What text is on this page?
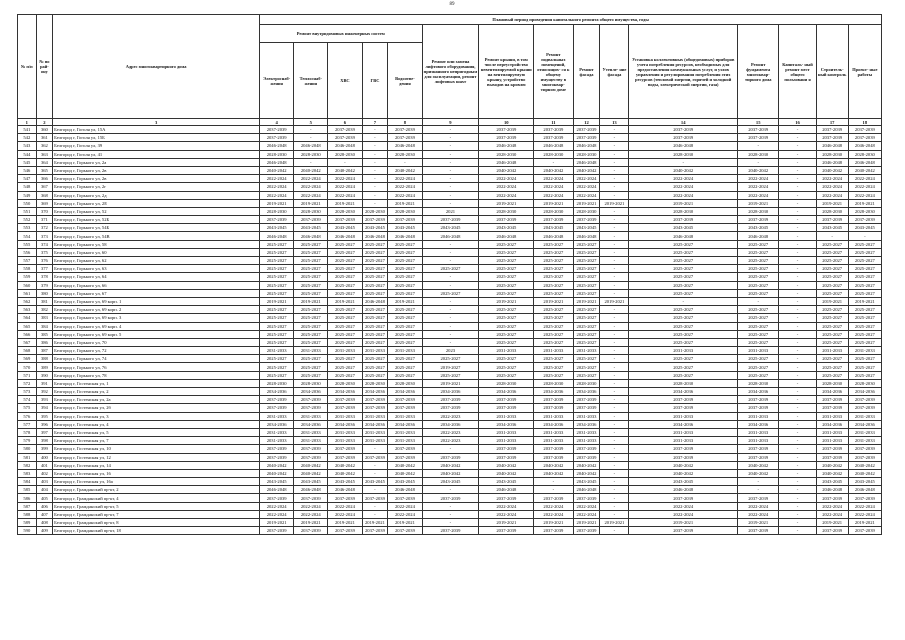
89
№ п/п	№ по рай- ону	Адрес многоквартирного дома	Плановый период проведения капитального ремонта общего имущества, годы														
			Ремонт внутридомовых инженерных систем					Ремонт или замена лифтового оборудования, признанного непригодным для эксплуатации, ремонт лифтовых шахт	Ремонт крыши, в том числе переустройство невентилируемой крыши на вентилируемую крышу, устройство выходов на кровлю	Ремонт подвальных помещений, относящих- ся к общему имуществу в многоквар- тирном доме	Ремонт фасада	Утепле- ние фасада	Установка коллективных (общедомовых) приборов учета потребления ресурсов, необходимых для предоставления коммунальных услуг, и узлов управления и регулирования потребления этих ресурсов (тепловой энергии, горячей и холодной воды, электрической энергии, газа)	Ремонт фундамента многоквар- тирного дома	Капиталь- ный ремонт мест общего пользовани я	Строитель- ный контроль	Проект- ные работы
			Электроснаб- жения	Теплоснаб- жения	ХВС	ГВС	Водоотве- дения										
1	2	3	4	5	6	7	8	9	10	11	12	13	14	15	16	17	18
541	360	Белгород г, Гоголя ул, 15А	2037-2039	-	2037-2039	-	2037-2039	-	2037-2039	2037-2039	2037-2039	-	2037-2039	2037-2039	-	2037-2039	2037-2039
542	361	Белгород г, Гоголя ул, 15Б	2037-2039	-	2037-2039	-	2037-2039	-	2037-2039	2037-2039	2037-2039	-	2037-2039	2037-2039	-	2037-2039	2037-2039
543	362	Белгород г, Гоголя ул, 39	2046-2048	2046-2048	2046-2048	-	2046-2048	-	2046-2048	2046-2048	2046-2048	-	2046-2048	-	-	2046-2048	2046-2048
544	363	Белгород г, Гоголя ул, 41	2028-2030	2028-2030	2028-2030	-	2028-2030	-	2028-2030	2028-2030	2028-2030	-	2028-2030	2028-2030	-	2028-2030	2028-2030
545	364	Белгород г, Горького ул, 2а	2046-2048	-	-	-	-	-	2046-2048	-	2046-2048	-	-	-	-	2046-2048	2046-2048
546	365	Белгород г, Горького ул, 2в	2040-2042	2040-2042	2040-2042	-	2040-2042	-	2040-2042	2040-2042	2040-2042	-	2040-2042	2040-2042	-	2040-2042	2040-2042
547	366	Белгород г, Горького ул, 2в	2022-2024	2022-2024	2022-2024	-	2022-2024	-	2022-2024	2022-2024	2022-2024	-	2022-2024	2022-2024	-	2022-2024	2022-2024
548	367	Белгород г, Горького ул, 2г	2022-2024	2022-2024	2022-2024	-	2022-2024	-	2022-2024	2022-2024	2022-2024	-	2022-2024	2022-2024	-	2022-2024	2022-2024
549	368	Белгород г, Горького ул, 2д	2022-2024	2022-2024	2022-2024	-	2022-2024	-	2022-2024	2022-2024	2022-2024	-	2022-2024	2022-2024	-	2022-2024	2022-2024
550	369	Белгород г, Горького ул, 2Е	2019-2021	2019-2021	2019-2021	-	2019-2021	-	2019-2021	2019-2021	2019-2021	2019-2021	2019-2021	2019-2021	-	2019-2021	2019-2021
551	370	Белгород г, Горького ул, 52	2028-2030	2028-2030	2028-2030	2028-2030	2028-2030	2021	2028-2030	2028-2030	2028-2030	-	2028-2030	2028-2030	-	2028-2030	2028-2030
552	371	Белгород г, Горького ул, 52Б	2037-2039	2037-2039	2037-2039	2037-2039	2037-2039	2037-2039	2037-2039	2037-2039	2037-2039	-	2037-2039	2037-2039	-	2037-2039	2037-2039
553	372	Белгород г, Горького ул, 54Б	2043-2045	2043-2045	2043-2045	2043-2045	2043-2045	2043-2045	2043-2045	2043-2045	2043-2045	-	2043-2045	2043-2045	-	2043-2045	2043-2045
554	373	Белгород г, Горького ул, 54В	2046-2048	2046-2048	2046-2048	2046-2048	2046-2048	2046-2048	2046-2048	2046-2048	2046-2048	-	2046-2048	2046-2048	-	-	-
555	374	Белгород г, Горького ул, 58	2025-2027	2025-2027	2025-2027	2025-2027	2025-2027	-	2025-2027	2025-2027	2025-2027	-	2025-2027	2025-2027	-	2025-2027	2025-2027
556	375	Белгород г, Горького ул, 60	2025-2027	2025-2027	2025-2027	2025-2027	2025-2027	-	2025-2027	2025-2027	2025-2027	-	2025-2027	2025-2027	-	2025-2027	2025-2027
557	376	Белгород г, Горького ул, 62	2025-2027	2025-2027	2025-2027	2025-2027	2025-2027	-	2025-2027	2025-2027	2025-2027	-	2025-2027	2025-2027	-	2025-2027	2025-2027
558	377	Белгород г, Горького ул, 63	2025-2027	2025-2027	2025-2027	2025-2027	2025-2027	2025-2027	2025-2027	2025-2027	2025-2027	-	2025-2027	2025-2027	-	2025-2027	2025-2027
559	378	Белгород г, Горького ул, 64	2025-2027	2025-2027	2025-2027	2025-2027	2025-2027	-	2025-2027	2025-2027	2025-2027	-	2025-2027	2025-2027	-	2025-2027	2025-2027
560	379	Белгород г, Горького ул, 66	2025-2027	2025-2027	2025-2027	2025-2027	2025-2027	-	2025-2027	2025-2027	2025-2027	-	2025-2027	2025-2027	-	2025-2027	2025-2027
561	380	Белгород г, Горького ул, 67	2025-2027	2025-2027	2025-2027	2025-2027	2025-2027	2025-2027	2025-2027	2025-2027	2025-2027	-	2025-2027	2025-2027	-	2025-2027	2025-2027
562	381	Белгород г, Горького ул, 69 корп. 1	2019-2021	2019-2021	2019-2021	2046-2048	2019-2021	-	2019-2021	2019-2021	2019-2021	2019-2021	-	-	-	2019-2021	2019-2021
563	382	Белгород г, Горького ул, 69 корп. 2	2025-2027	2025-2027	2025-2027	2025-2027	2025-2027	-	2025-2027	2025-2027	2025-2027	-	2025-2027	2025-2027	-	2025-2027	2025-2027
564	383	Белгород г, Горького ул, 69 корп. 3	2025-2027	2025-2027	2025-2027	2025-2027	2025-2027	-	2025-2027	2025-2027	2025-2027	-	2025-2027	2025-2027	-	2025-2027	2025-2027
565	384	Белгород г, Горького ул, 69 корп. 4	2025-2027	2025-2027	2025-2027	2025-2027	2025-2027	-	2025-2027	2025-2027	2025-2027	-	2025-2027	2025-2027	-	2025-2027	2025-2027
566	385	Белгород г, Горького ул, 69 корп. 5	2025-2027	2025-2027	2025-2027	2025-2027	2025-2027	-	2025-2027	2025-2027	2025-2027	-	2025-2027	2025-2027	-	2025-2027	2025-2027
567	386	Белгород г, Горького ул, 70	2025-2027	2025-2027	2025-2027	2025-2027	2025-2027	-	2025-2027	2025-2027	2025-2027	-	2025-2027	2025-2027	-	2025-2027	2025-2027
568	387	Белгород г, Горького ул, 72	2031-2033	2031-2033	2031-2033	2031-2033	2031-2033	2023	2031-2033	2031-2033	2031-2033	-	2031-2033	2031-2033	-	2031-2033	2031-2033
569	388	Белгород г, Горького ул, 74	2025-2027	2025-2027	2025-2027	2025-2027	2025-2027	2025-2027	2025-2027	2025-2027	2025-2027	-	2025-2027	2025-2027	-	2025-2027	2025-2027
570	389	Белгород г, Горького ул, 76	2025-2027	2025-2027	2025-2027	2025-2027	2025-2027	2019-2027	2025-2027	2025-2027	2025-2027	-	2025-2027	2025-2027	-	2025-2027	2025-2027
571	390	Белгород г, Горького ул, 78	2025-2027	2025-2027	2025-2027	2025-2027	2025-2027	2025-2027	2025-2027	2025-2027	2025-2027	-	2025-2027	2025-2027	-	2025-2027	2025-2027
572	391	Белгород г, Гостенская ул, 1	2028-2030	2028-2030	2028-2030	2028-2030	2028-2030	2019-2021	2028-2030	2028-2030	2028-2030	-	2028-2030	2028-2030	-	2028-2030	2028-2030
573	392	Белгород г, Гостенская ул, 2	2034-2036	2034-2036	2034-2036	2034-2036	2034-2036	2034-2036	2034-2036	2034-2036	2034-2036	-	2034-2036	2034-2036	-	2034-2036	2034-2036
574	393	Белгород г, Гостенская ул, 2а	2037-2039	2037-2039	2037-2039	2037-2039	2037-2039	2037-2039	2037-2039	2037-2039	2037-2039	-	2037-2039	2037-2039	-	2037-2039	2037-2039
575	394	Белгород г, Гостенская ул, 2б	2037-2039	2037-2039	2037-2039	2037-2039	2037-2039	2037-2039	2037-2039	2037-2039	2037-2039	-	2037-2039	2037-2039	-	2037-2039	2037-2039
576	395	Белгород г, Гостенская ул, 3	2031-2033	2031-2033	2031-2033	2031-2033	2031-2033	2022-2023	2031-2033	2031-2033	2031-2033	-	2031-2033	2031-2033	-	2031-2033	2031-2033
577	396	Белгород г, Гостенская ул, 4	2034-2036	2034-2036	2034-2036	2034-2036	2034-2036	2034-2036	2034-2036	2034-2036	2034-2036	-	2034-2036	2034-2036	-	2034-2036	2034-2036
578	397	Белгород г, Гостенская ул, 5	2031-2033	2031-2033	2031-2033	2031-2033	2031-2033	2022-2023	2031-2033	2031-2033	2031-2033	-	2031-2033	2031-2033	-	2031-2033	2031-2033
579	398	Белгород г, Гостенская ул, 7	2031-2033	2031-2033	2031-2033	2031-2033	2031-2033	2022-2023	2031-2033	2031-2033	2031-2033	-	2031-2033	2031-2033	-	2031-2033	2031-2033
580	399	Белгород г, Гостенская ул, 10	2037-2039	2037-2039	2037-2039	-	2037-2039	-	2037-2039	2037-2039	2037-2039	-	2037-2039	2037-2039	-	2037-2039	2037-2039
581	400	Белгород г, Гостенская ул, 12	2037-2039	2037-2039	2037-2039	2037-2039	2037-2039	2037-2039	2037-2039	2037-2039	2037-2039	-	2037-2039	2037-2039	-	2037-2039	2037-2039
582	401	Белгород г, Гостенская ул, 14	2040-2042	2040-2042	2040-2042	-	2040-2042	2040-2042	2040-2042	2040-2042	2040-2042	-	2040-2042	2040-2042	-	2040-2042	2040-2042
583	402	Белгород г, Гостенская ул, 16	2040-2042	2040-2042	2040-2042	-	2040-2042	2040-2042	2040-2042	2040-2042	2040-2042	-	2040-2042	2040-2042	-	2040-2042	2040-2042
584	403	Белгород г, Гостенская ул, 16а	2043-2045	2043-2045	2043-2045	2043-2045	2043-2045	2043-2045	2043-2045	-	2043-2045	-	2043-2045	-	-	2043-2045	2043-2045
585	404	Белгород г, Гражданский пр-кт, 2	2046-2048	2046-2048	2046-2048	-	2046-2048	-	2046-2048	-	2046-2048	-	2046-2048	-	-	2046-2048	2046-2048
586	405	Белгород г, Гражданский пр-кт, 4	2037-2039	2037-2039	2037-2039	2037-2039	2037-2039	2037-2039	2037-2039	2037-2039	2037-2039	-	2037-2039	2037-2039	-	2037-2039	2037-2039
587	406	Белгород г, Гражданский пр-кт, 5	2022-2024	2022-2024	2022-2024	-	2022-2024	-	2022-2024	2022-2024	2022-2024	-	2022-2024	2022-2024	-	2022-2024	2022-2024
588	407	Белгород г, Гражданский пр-кт, 7	2022-2024	2022-2024	2022-2024	-	2022-2024	-	2022-2024	2022-2024	2022-2024	-	2022-2024	2022-2024	-	2022-2024	2022-2024
589	408	Белгород г, Гражданский пр-кт, 8	2019-2021	2019-2021	2019-2021	2019-2021	2019-2021	-	2019-2021	2019-2021	2019-2021	2019-2021	2019-2021	2019-2021	-	2019-2021	2019-2021
590	409	Белгород г, Гражданский пр-кт, 18	2037-2039	2037-2039	2037-2039	2037-2039	2037-2039	2037-2039	2037-2039	2037-2039	2037-2039	-	2037-2039	2037-2039	-	2037-2039	2037-2039
